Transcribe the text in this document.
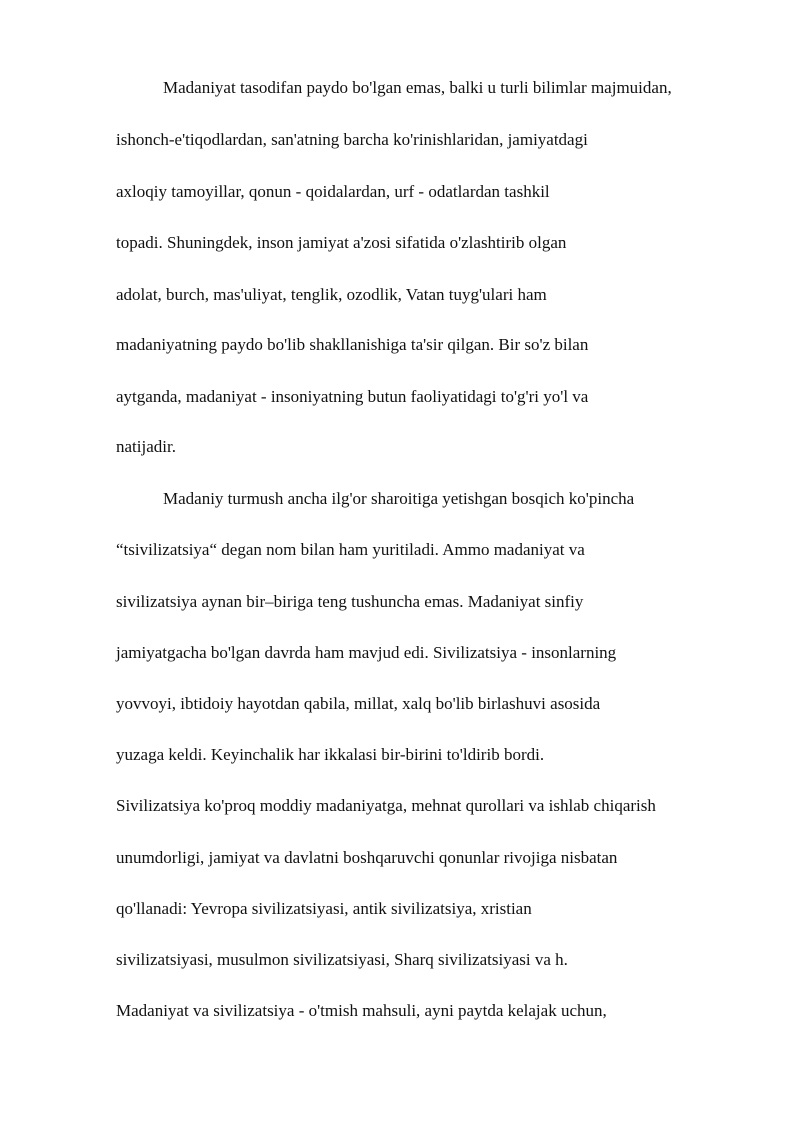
Madaniyat tasodifan paydo bo'lgan emas, balki u turli bilimlar majmuidan,
ishonch-e'tiqodlardan, san'atning barcha ko'rinishlaridan, jamiyatdagi
axloqiy tamoyillar, qonun - qoidalardan, urf - odatlardan tashkil
topadi. Shuningdek, inson jamiyat a'zosi sifatida o'zlashtirib olgan
adolat, burch, mas'uliyat, tenglik, ozodlik, Vatan tuyg'ulari ham
madaniyatning paydo bo'lib shakllanishiga ta'sir qilgan. Bir so'z bilan
aytganda, madaniyat - insoniyatning butun faoliyatidagi to'g'ri yo'l va
natijadir.
Madaniy turmush ancha ilg'or sharoitiga yetishgan bosqich ko'pincha
“tsivilizatsiya“ degan nom bilan ham yuritiladi. Ammo madaniyat va
sivilizatsiya aynan bir–biriga teng tushuncha emas. Madaniyat sinfiy
jamiyatgacha bo'lgan davrda ham mavjud edi. Sivilizatsiya - insonlarning
yovvoyi, ibtidoiy hayotdan qabila, millat, xalq bo'lib birlashuvi asosida
yuzaga keldi. Keyinchalik har ikkalasi bir-birini to'ldirib bordi.
Sivilizatsiya ko'proq moddiy madaniyatga, mehnat qurollari va ishlab chiqarish
unumdorligi, jamiyat va davlatni boshqaruvchi qonunlar rivojiga nisbatan
qo'llanadi: Yevropa sivilizatsiyasi, antik sivilizatsiya, xristian
sivilizatsiyasi, musulmon sivilizatsiyasi, Sharq sivilizatsiyasi va h.
Madaniyat va sivilizatsiya - o'tmish mahsuli, ayni paytda kelajak uchun,
